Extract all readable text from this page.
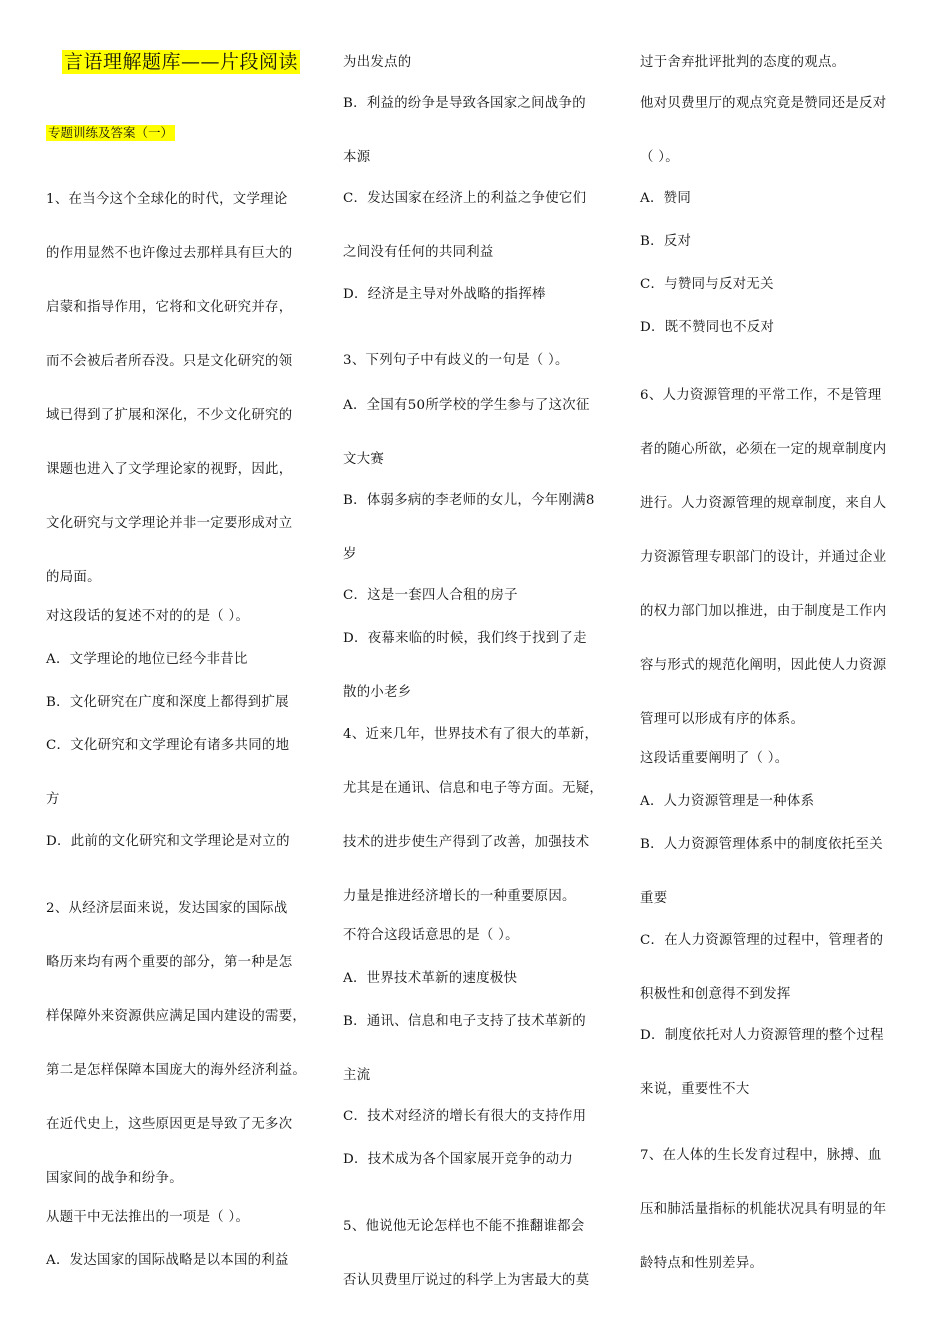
言语理解题库——片段阅读
专题训练及答案（一）
1、在当今这个全球化的时代，文学理论
的作用显然不也许像过去那样具有巨大的
启蒙和指导作用，它将和文化研究并存，
而不会被后者所吞没。只是文化研究的领
域已得到了扩展和深化，不少文化研究的
课题也进入了文学理论家的视野，因此，
文化研究与文学理论并非一定要形成对立
的局面。
对这段话的复述不对的的是（ ）。
A．文学理论的地位已经今非昔比
B．文化研究在广度和深度上都得到扩展
C．文化研究和文学理论有诸多共同的地
方
D．此前的文化研究和文学理论是对立的
2、从经济层面来说，发达国家的国际战
略历来均有两个重要的部分，第一种是怎
样保障外来资源供应满足国内建设的需要，
第二是怎样保障本国庞大的海外经济利益。
在近代史上，这些原因更是导致了无多次
国家间的战争和纷争。
从题干中无法推出的一项是（ ）。
A．发达国家的国际战略是以本国的利益
为出发点的
B．利益的纷争是导致各国家之间战争的
本源
C．发达国家在经济上的利益之争使它们
之间没有任何的共同利益
D．经济是主导对外战略的指挥棒
3、下列句子中有歧义的一句是（ ）。
A．全国有50所学校的学生参与了这次征
文大赛
B．体弱多病的李老师的女儿，今年刚满8
岁
C．这是一套四人合租的房子
D．夜幕来临的时候，我们终于找到了走
散的小老乡
4、近来几年，世界技术有了很大的革新，
尤其是在通讯、信息和电子等方面。无疑，
技术的进步使生产得到了改善，加强技术
力量是推进经济增长的一种重要原因。
不符合这段话意思的是（ ）。
A．世界技术革新的速度极快
B．通讯、信息和电子支持了技术革新的
主流
C．技术对经济的增长有很大的支持作用
D．技术成为各个国家展开竞争的动力
5、他说他无论怎样也不能不推翻谁都会
否认贝费里厅说过的科学上为害最大的莫
过于舍弃批评批判的态度的观点。
他对贝费里厅的观点究竟是赞同还是反对
（ ）。
A．赞同
B．反对
C．与赞同与反对无关
D．既不赞同也不反对
6、人力资源管理的平常工作，不是管理
者的随心所欲，必须在一定的规章制度内
进行。人力资源管理的规章制度，来自人
力资源管理专职部门的设计，并通过企业
的权力部门加以推进，由于制度是工作内
容与形式的规范化阐明，因此使人力资源
管理可以形成有序的体系。
这段话重要阐明了（ ）。
A．人力资源管理是一种体系
B．人力资源管理体系中的制度依托至关
重要
C．在人力资源管理的过程中，管理者的
积极性和创意得不到发挥
D．制度依托对人力资源管理的整个过程
来说，重要性不大
7、在人体的生长发育过程中，脉搏、血
压和肺活量指标的机能状况具有明显的年
龄特点和性别差异。
